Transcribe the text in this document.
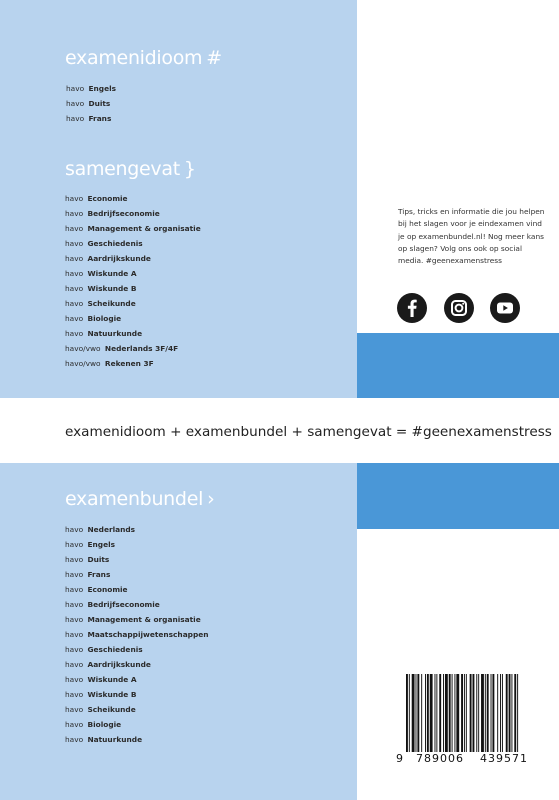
examenidioom #
havo Engels
havo Duits
havo Frans
samengevat }
havo Economie
havo Bedrijfseconomie
havo Management & organisatie
havo Geschiedenis
havo Aardrijkskunde
havo Wiskunde A
havo Wiskunde B
havo Scheikunde
havo Biologie
havo Natuurkunde
havo/vwo Nederlands 3F/4F
havo/vwo Rekenen 3F
Tips, tricks en informatie die jou helpen bij het slagen voor je eindexamen vind je op examenbundel.nl! Nog meer kans op slagen? Volg ons ook op social media. #geenexamenstress
examenidioom + examenbundel + samengevat = #geenexamenstress
examenbundel ›
havo Nederlands
havo Engels
havo Duits
havo Frans
havo Economie
havo Bedrijfseconomie
havo Management & organisatie
havo Maatschappijwetenschappen
havo Geschiedenis
havo Aardrijkskunde
havo Wiskunde A
havo Wiskunde B
havo Scheikunde
havo Biologie
havo Natuurkunde
9 789006 439571
